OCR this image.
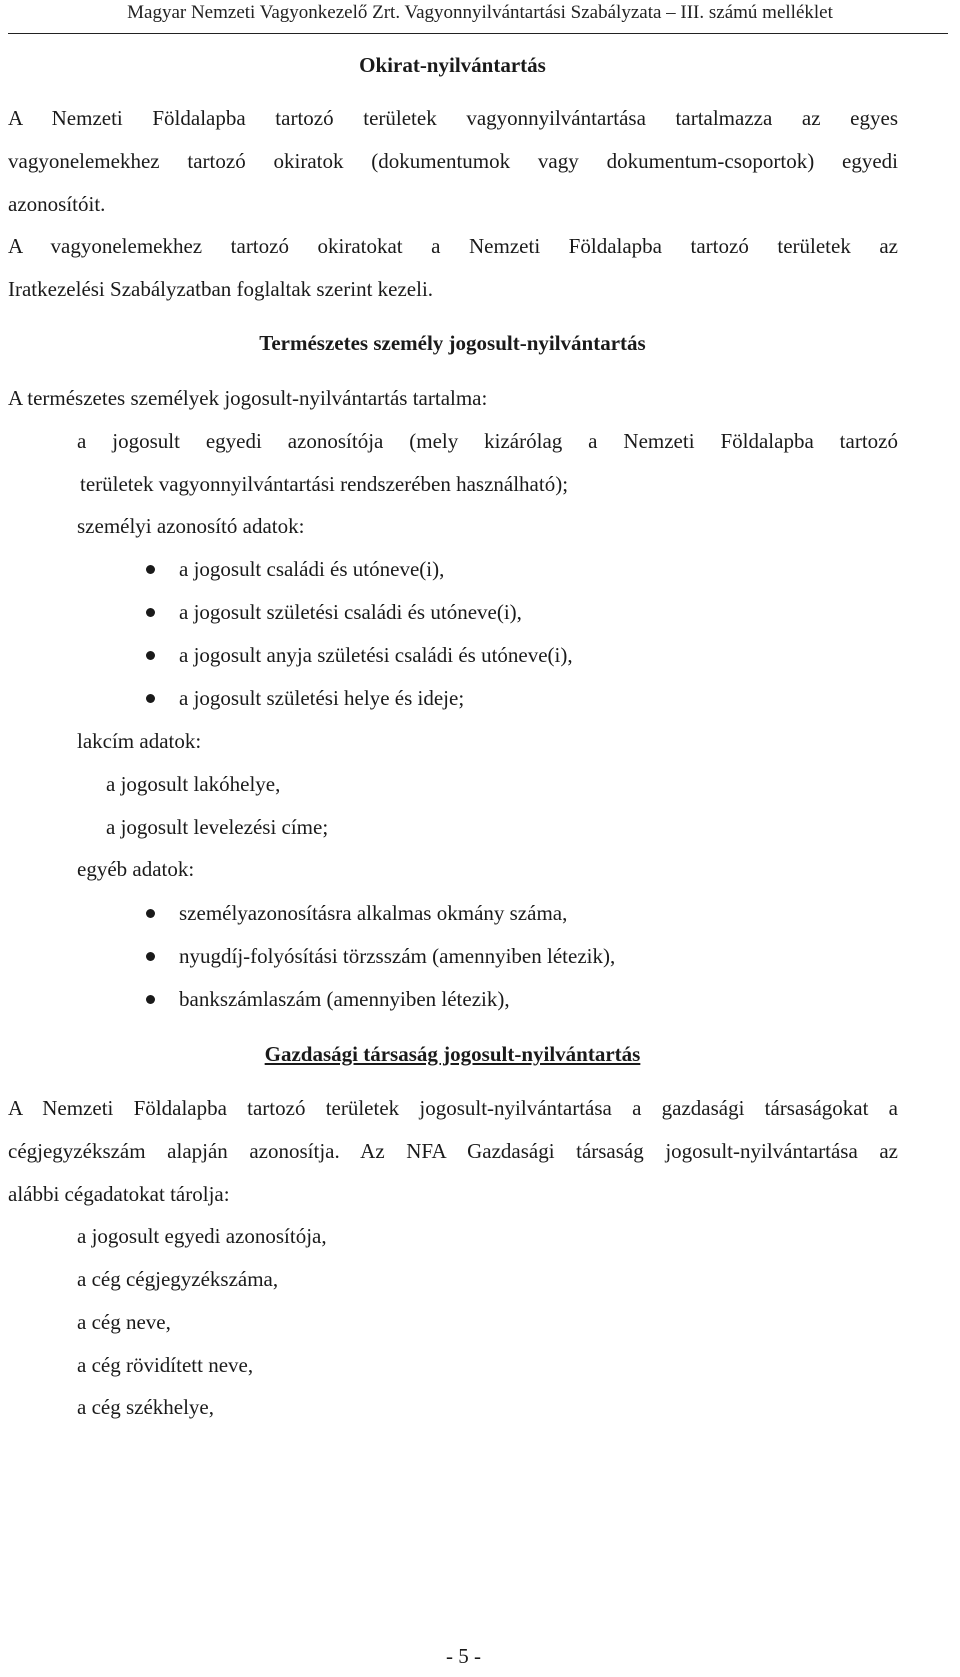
Magyar Nemzeti Vagyonkezelő Zrt. Vagyonnyilvántartási Szabályzata – III. számú melléklet
Okirat-nyilvántartás
A Nemzeti Földalapba tartozó területek vagyonnyilvántartása tartalmazza az egyes
vagyonelemekhez tartozó okiratok (dokumentumok vagy dokumentum-csoportok) egyedi
azonosítóit.
A vagyonelemekhez tartozó okiratokat a Nemzeti Földalapba tartozó területek az
Iratkezelési Szabályzatban foglaltak szerint kezeli.
Természetes személy jogosult-nyilvántartás
A természetes személyek jogosult-nyilvántartás tartalma:
a jogosult egyedi azonosítója (mely kizárólag a Nemzeti Földalapba tartozó
területek vagyonnyilvántartási rendszerében használható);
személyi azonosító adatok:
a jogosult családi és utóneve(i),
a jogosult születési családi és utóneve(i),
a jogosult anyja születési családi és utóneve(i),
a jogosult születési helye és ideje;
lakcím adatok:
a jogosult lakóhelye,
a jogosult levelezési címe;
egyéb adatok:
személyazonosításra alkalmas okmány száma,
nyugdíj-folyósítási törzsszám (amennyiben létezik),
bankszámlaszám (amennyiben létezik),
Gazdasági társaság jogosult-nyilvántartás
A Nemzeti Földalapba tartozó területek jogosult-nyilvántartása a gazdasági társaságokat a
cégjegyzékszám alapján azonosítja. Az NFA Gazdasági társaság jogosult-nyilvántartása az
alábbi cégadatokat tárolja:
a jogosult egyedi azonosítója,
a cég cégjegyzékszáma,
a cég neve,
a cég rövidített neve,
a cég székhelye,
- 5 -
